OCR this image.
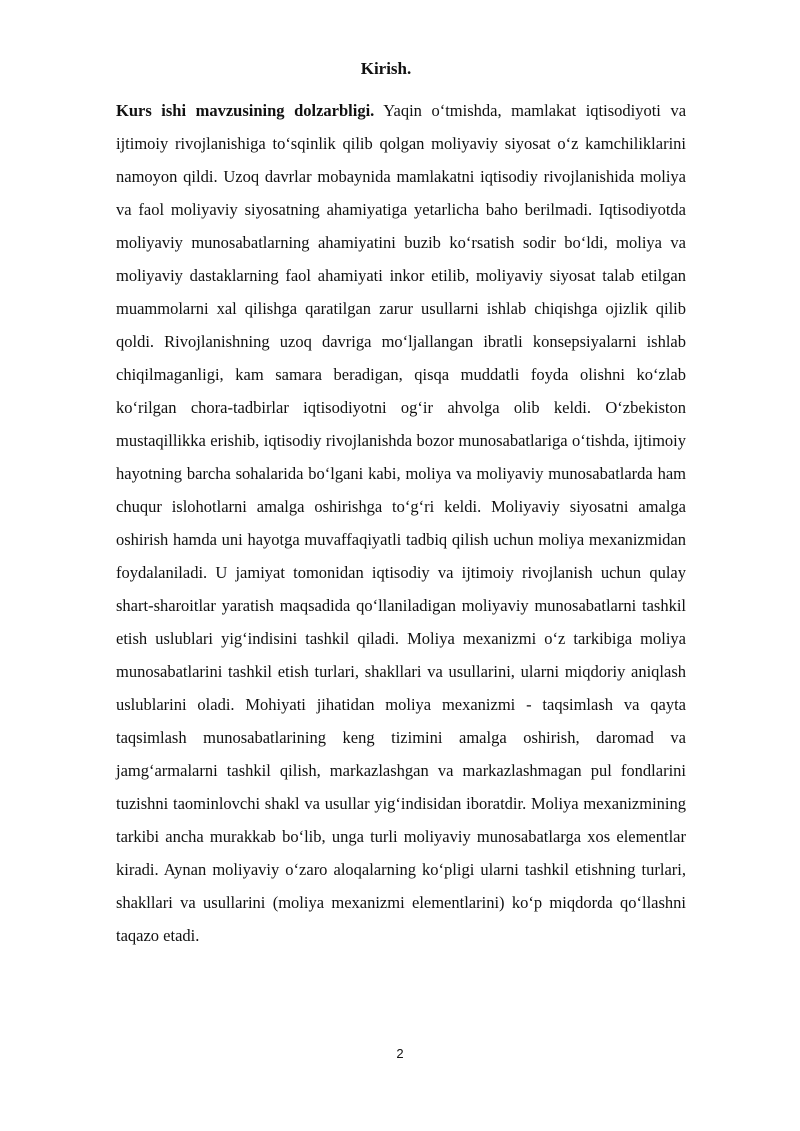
Kirish.

Kurs ishi mavzusining dolzarbligi. Yaqin o‘tmishda, mamlakat iqtisodiyoti va ijtimoiy rivojlanishiga to‘sqinlik qilib qolgan moliyaviy siyosat o‘z kamchiliklarini namoyon qildi. Uzoq davrlar mobaynida mamlakatni iqtisodiy rivojlanishida moliya va faol moliyaviy siyosatning ahamiyatiga yetarlicha baho berilmadi. Iqtisodiyotda moliyaviy munosabatlarning ahamiyatini buzib ko‘rsatish sodir bo‘ldi, moliya va moliyaviy dastaklarning faol ahamiyati inkor etilib, moliyaviy siyosat talab etilgan muammolarni xal qilishga qaratilgan zarur usullarni ishlab chiqishga ojizlik qilib qoldi. Rivojlanishning uzoq davriga mo‘ljallangan ibratli konsepsiyalarni ishlab chiqilmaganligi, kam samara beradigan, qisqa muddatli foyda olishni ko‘zlab ko‘rilgan chora-tadbirlar iqtisodiyotni og‘ir ahvolga olib keldi. O‘zbekiston mustaqillikka erishib, iqtisodiy rivojlanishda bozor munosabatlariga o‘tishda, ijtimoiy hayotning barcha sohalarida bo‘lgani kabi, moliya va moliyaviy munosabatlarda ham chuqur islohotlarni amalga oshirishga to‘g‘ri keldi. Moliyaviy siyosatni amalga oshirish hamda uni hayotga muvaffaqiyatli tadbiq qilish uchun moliya mexanizmidan foydalaniladi. U jamiyat tomonidan iqtisodiy va ijtimoiy rivojlanish uchun qulay shart-sharoitlar yaratish maqsadida qo‘llaniladigan moliyaviy munosabatlarni tashkil etish uslublari yig‘indisini tashkil qiladi. Moliya mexanizmi o‘z tarkibiga moliya munosabatlarini tashkil etish turlari, shakllari va usullarini, ularni miqdoriy aniqlash uslublarini oladi. Mohiyati jihatidan moliya mexanizmi - taqsimlash va qayta taqsimlash munosabatlarining keng tizimini amalga oshirish, daromad va jamg‘armalarni tashkil qilish, markazlashgan va markazlashmagan pul fondlarini tuzishni taominlovchi shakl va usullar yig‘indisidan iboratdir. Moliya mexanizmining tarkibi ancha murakkab bo‘lib, unga turli moliyaviy munosabatlarga xos elementlar kiradi. Aynan moliyaviy o‘zaro aloqalarning ko‘pligi ularni tashkil etishning turlari, shakllari va usullarini (moliya mexanizmi elementlarini) ko‘p miqdorda qo‘llashni taqazo etadi.

2
